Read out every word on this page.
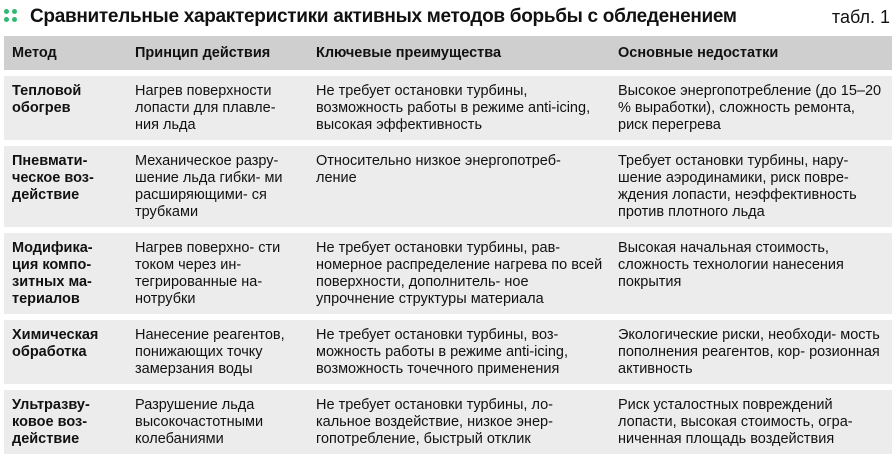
Сравнительные характеристики активных методов борьбы с обледенением	табл. 1
Метод	Принцип действия	Ключевые преимущества	Основные недостатки
Тепловой обогрев	Нагрев поверхности лопасти для плавле- ния льда	Не требует остановки турбины, возможность работы в режиме anti-icing, высокая эффективность	Высокое энергопотребление (до 15–20 % выработки), сложность ремонта, риск перегрева
Пневмати- ческое воз- действие	Механическое разру- шение льда гибки- ми расширяющими- ся трубками	Относительно низкое энергопотреб- ление	Требует остановки турбины, нару- шение аэродинамики, риск повре- ждения лопасти, неэффективность против плотного льда
Модифика- ция компо- зитных ма- териалов	Нагрев поверхно- сти током через ин- тегрированные на- нотрубки	Не требует остановки турбины, рав- номерное распределение нагрева по всей поверхности, дополнитель- ное упрочнение структуры материала	Высокая начальная стоимость, сложность технологии нанесения покрытия
Химическая обработка	Нанесение реагентов, понижающих точку замерзания воды	Не требует остановки турбины, воз- можность работы в режиме anti-icing, возможность точечного применения	Экологические риски, необходи- мость пополнения реагентов, кор- розионная активность
Ультразву- ковое воз- действие	Разрушение льда высокочастотными колебаниями	Не требует остановки турбины, ло- кальное воздействие, низкое энер- гопотребление, быстрый отклик	Риск усталостных повреждений лопасти, высокая стоимость, огра- ниченная площадь воздействия
